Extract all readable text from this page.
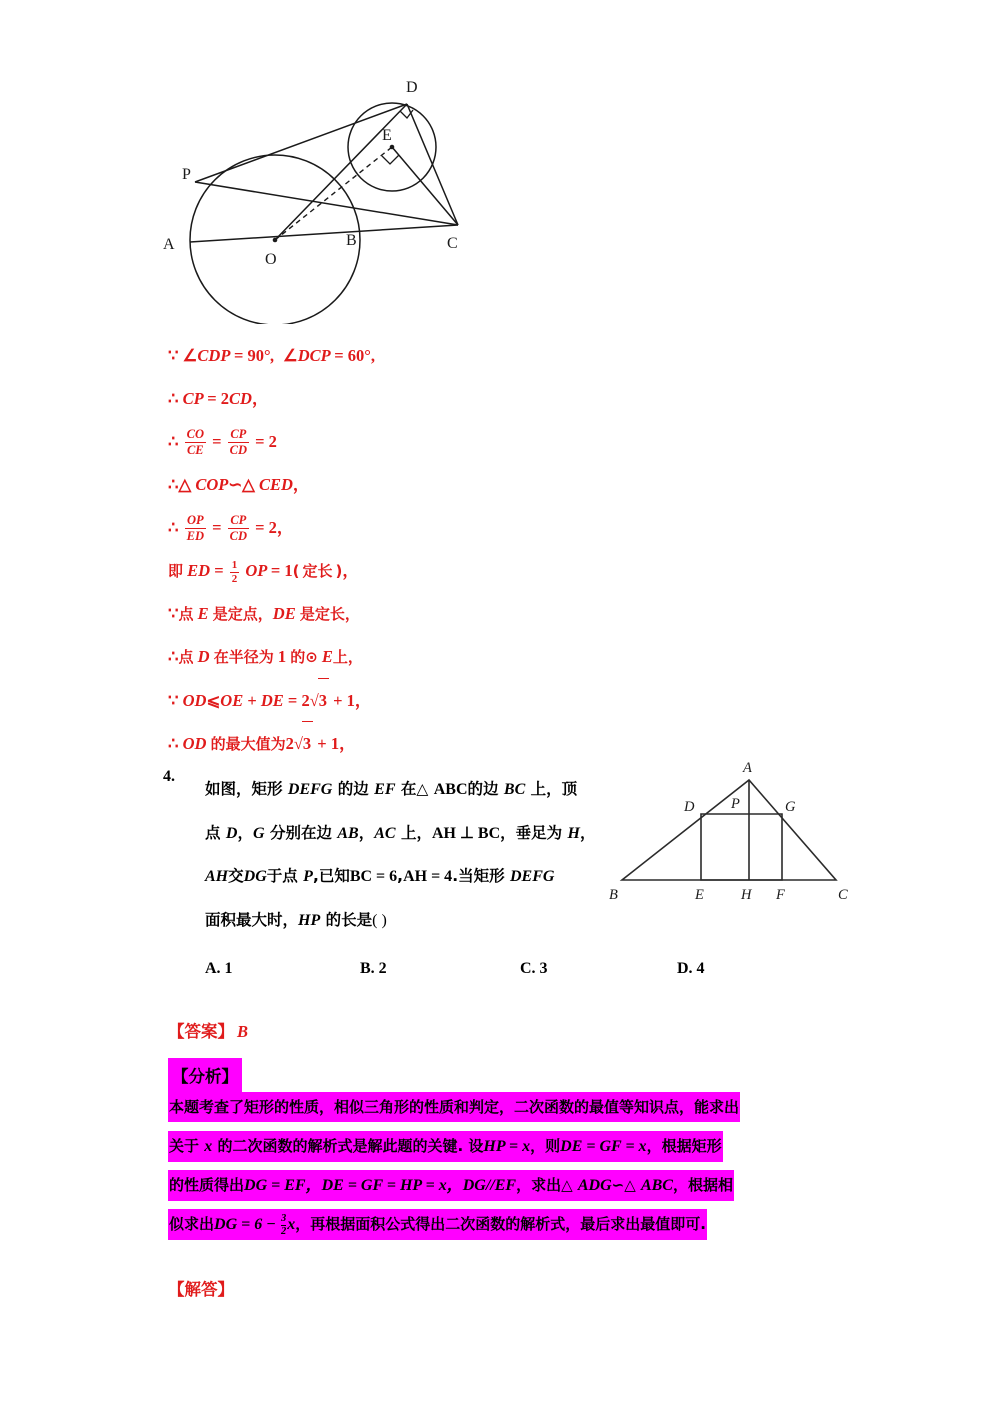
A
O
B	C
D
E
P
∵ ∠CDP = 90°,  ∠DCP = 60°,
∴ CP = 2CD，
∴ $\frac{CO}{CE} = \frac{CP}{CD} = 2$
∴△ COP∽△ CED，
∴ $\frac{OP}{ED} = \frac{CP}{CD} = 2$，
即 ED = $\frac{1}{2}$ OP = 1( 定长 )，
∵点 E 是定点，DE 是定长，
∴点 D 在半径为 1 的⊙ E上，
∵ OD⩽OE + DE = 2√3 + 1，
∴ OD 的最大值为2√3 + 1，
4.
如图，矩形 DEFG 的边 EF 在△ ABC的边 BC 上，顶
点 D，G 分别在边 AB，AC 上，AH ⊥ BC，垂足为 H，
AH交DG于点 P,已知BC = 6,AH = 4.当矩形 DEFG
面积最大时，HP 的长是( )
A
D	P	G
B	E	H F	C
A. 1	B. 2	C. 3	D. 4
【答案】 B
【分析】
本题考查了矩形的性质，相似三角形的性质和判定，二次函数的最值等知识点，能求出
关于 x 的二次函数的解析式是解此题的关键. 设HP = x，则DE = GF = x，根据矩形
的性质得出DG = EF，DE = GF = HP = x，DG//EF，求出△ ADG∽△ ABC，根据相
似求出DG = $6 - \frac{3}{2}$ x，再根据面积公式得出二次函数的解析式，最后求出最值即可.
【解答】
